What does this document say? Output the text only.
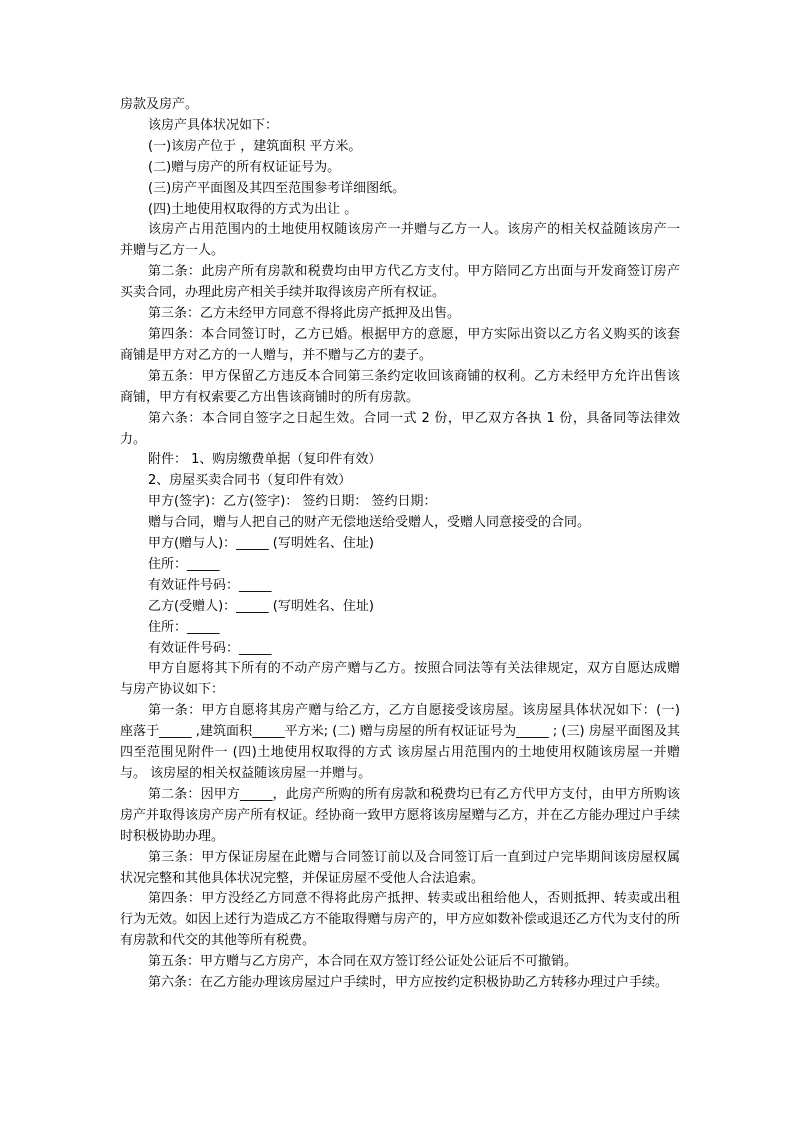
房款及房产。

该房产具体状况如下：

(一)该房产位于 ，建筑面积 平方米。

(二)赠与房产的所有权证证号为。

(三)房产平面图及其四至范围参考详细图纸。

(四)土地使用权取得的方式为出让 。

该房产占用范围内的土地使用权随该房产一并赠与乙方一人。该房产的相关权益随该房产一并赠与乙方一人。

第二条：此房产所有房款和税费均由甲方代乙方支付。甲方陪同乙方出面与开发商签订房产买卖合同，办理此房产相关手续并取得该房产所有权证。

第三条：乙方未经甲方同意不得将此房产抵押及出售。

第四条：本合同签订时，乙方已婚。根据甲方的意愿，甲方实际出资以乙方名义购买的该套商铺是甲方对乙方的一人赠与，并不赠与乙方的妻子。

第五条：甲方保留乙方违反本合同第三条约定收回该商铺的权利。乙方未经甲方允许出售该商铺，甲方有权索要乙方出售该商铺时的所有房款。

第六条：本合同自签字之日起生效。合同一式 2 份，甲乙双方各执 1 份，具备同等法律效力。

附件： 1、购房缴费单据（复印件有效）

2、房屋买卖合同书（复印件有效）

甲方(签字)：乙方(签字)： 签约日期： 签约日期：

赠与合同，赠与人把自己的财产无偿地送给受赠人，受赠人同意接受的合同。

甲方(赠与人)：_____ (写明姓名、住址)

住所：_____

有效证件号码：_____

乙方(受赠人)：_____ (写明姓名、住址)

住所：_____

有效证件号码：_____

甲方自愿将其下所有的不动产房产赠与乙方。按照合同法等有关法律规定，双方自愿达成赠与房产协议如下：

第一条：甲方自愿将其房产赠与给乙方，乙方自愿接受该房屋。该房屋具体状况如下：(一) 座落于_____ ,建筑面积_____平方米; (二) 赠与房屋的所有权证证号为_____ ; (三) 房屋平面图及其四至范围见附件一 (四)土地使用权取得的方式 该房屋占用范围内的土地使用权随该房屋一并赠与。 该房屋的相关权益随该房屋一并赠与。

第二条：因甲方_____，此房产所购的所有房款和税费均已有乙方代甲方支付，由甲方所购该房产并取得该房产房产所有权证。经协商一致甲方愿将该房屋赠与乙方，并在乙方能办理过户手续时积极协助办理。

第三条：甲方保证房屋在此赠与合同签订前以及合同签订后一直到过户完毕期间该房屋权属状况完整和其他具体状况完整，并保证房屋不受他人合法追索。

第四条：甲方没经乙方同意不得将此房产抵押、转卖或出租给他人，否则抵押、转卖或出租行为无效。如因上述行为造成乙方不能取得赠与房产的，甲方应如数补偿或退还乙方代为支付的所有房款和代交的其他等所有税费。

第五条：甲方赠与乙方房产，本合同在双方签订经公证处公证后不可撤销。

第六条：在乙方能办理该房屋过户手续时，甲方应按约定积极协助乙方转移办理过户手续。
